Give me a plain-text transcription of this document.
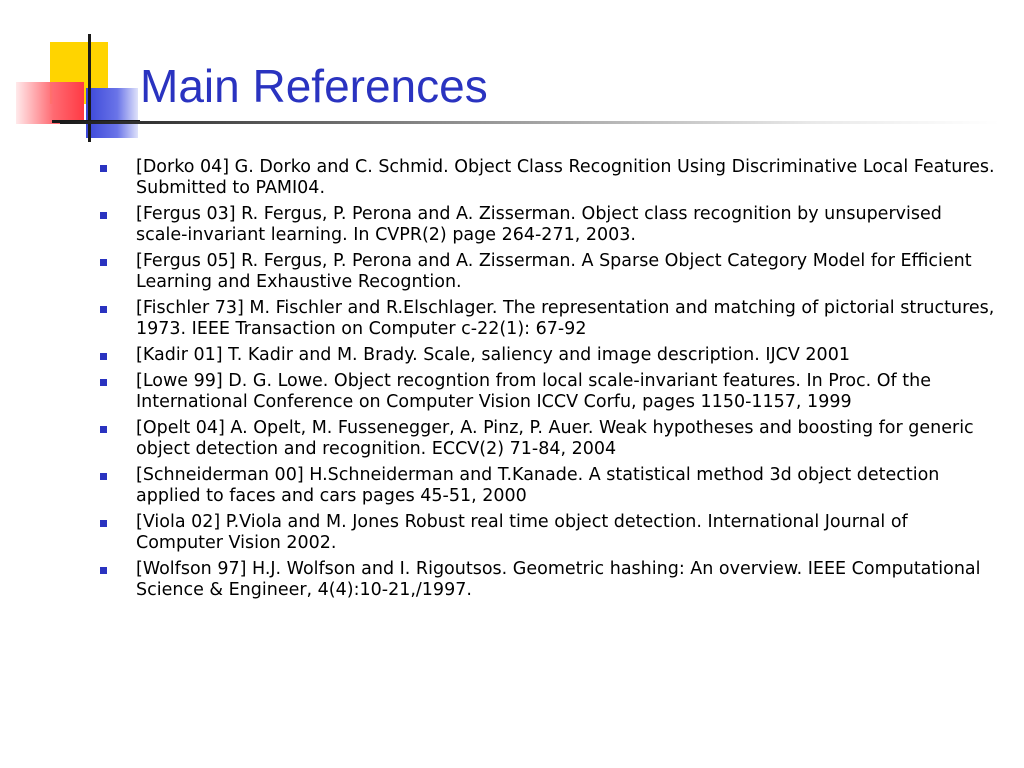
Main References
[Dorko 04] G. Dorko and C. Schmid. Object Class Recognition Using Discriminative Local Features. Submitted to PAMI04.
[Fergus 03] R. Fergus, P. Perona and A. Zisserman. Object class recognition by unsupervised scale-invariant learning. In CVPR(2) page 264-271, 2003.
[Fergus 05] R. Fergus, P. Perona and A. Zisserman. A Sparse Object Category Model for Efficient Learning and Exhaustive Recogntion.
[Fischler 73] M. Fischler and R.Elschlager. The representation and matching of pictorial structures, 1973. IEEE Transaction on Computer c-22(1): 67-92
[Kadir 01] T. Kadir and M. Brady. Scale, saliency and image description. IJCV 2001
[Lowe 99] D. G. Lowe. Object recogntion from local scale-invariant features. In Proc. Of the International Conference on Computer Vision ICCV Corfu, pages 1150-1157, 1999
[Opelt 04] A. Opelt, M. Fussenegger, A. Pinz, P. Auer. Weak hypotheses and boosting for generic object detection and recognition. ECCV(2) 71-84, 2004
[Schneiderman 00] H.Schneiderman and T.Kanade. A statistical method 3d object detection applied to faces and cars pages 45-51, 2000
[Viola 02] P.Viola and M. Jones Robust real time object detection. International Journal of Computer Vision 2002.
[Wolfson 97] H.J. Wolfson and I. Rigoutsos. Geometric hashing: An overview. IEEE Computational Science & Engineer, 4(4):10-21,/1997.
